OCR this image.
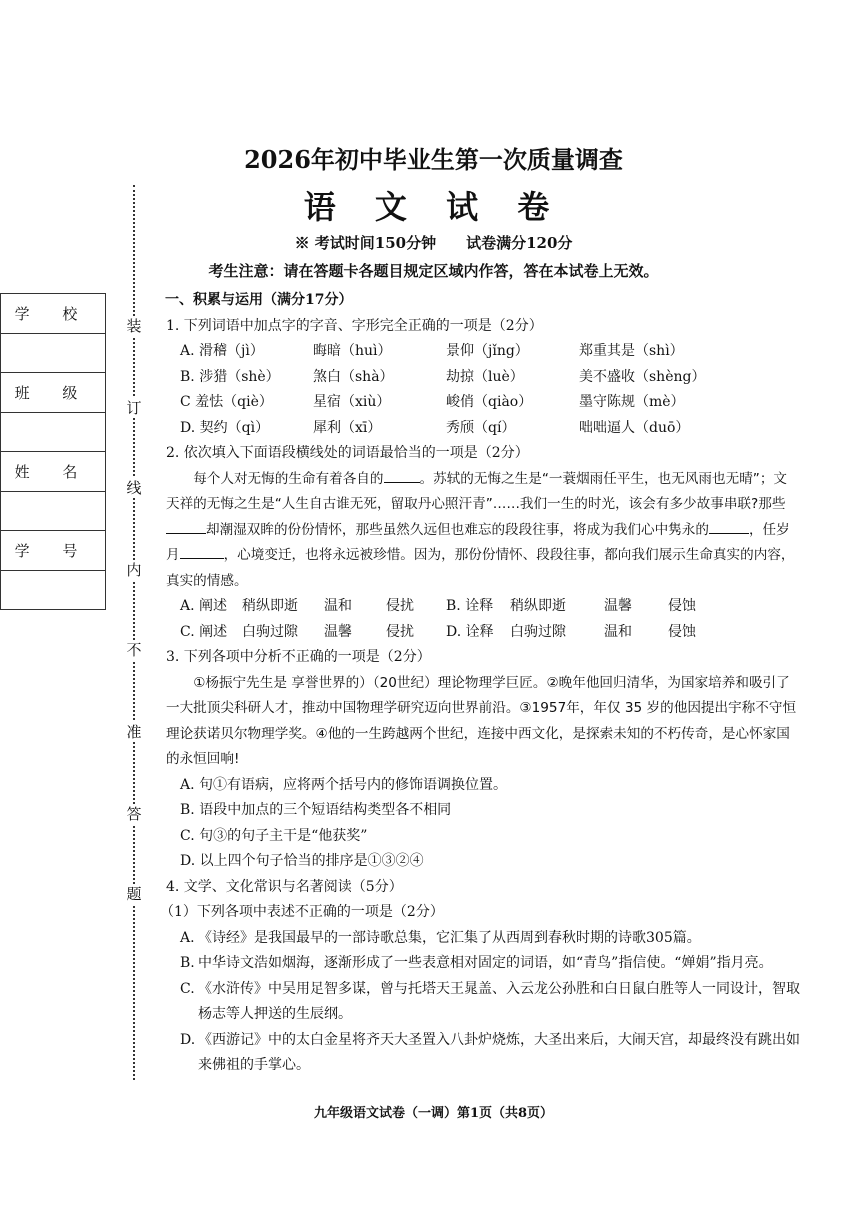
2026年初中毕业生第一次质量调查
语 文 试 卷
※ 考试时间150分钟　　试卷满分120分
考生注意：请在答题卡各题目规定区域内作答，答在本试卷上无效。
学 校

班 级

姓 名

学 号

装
订
线
内
不
准
答
题
一、积累与运用（满分17分）
1. 下列词语中加点字的字音、字形完全正确的一项是（2分）
A. 滑稽（jì）	晦暗（huì）	景仰（jǐng）	郑重其是（shì）
B. 涉猎（shè）	煞白（shà）	劫掠（luè）	美不盛收（shèng）
C 羞怯（qiè）	星宿（xiù）	峻俏（qiào）	墨守陈规（mè）
D. 契约（qì）	犀利（xī）	秀颀（qí）	咄咄逼人（duō）
2. 依次填入下面语段横线处的词语最恰当的一项是（2分）
每个人对无悔的生命有着各自的	。苏轼的无悔之生是“一蓑烟雨任平生，也无风雨也无晴”；文天祥的无悔之生是“人生自古谁无死，留取丹心照汗青”……我们一生的时光，该会有多少故事串联?那些却潮湿双眸的份份情怀，那些虽然久远但也难忘的段段往事，将成为我们心中隽永的	，任岁月	，心境变迁，也将永远被珍惜。因为，那份份情怀、段段往事，都向我们展示生命真实的内容，真实的情感。
A. 阐述	稍纵即逝	温和	侵扰	B. 诠释	稍纵即逝	温馨	侵蚀
C. 阐述	白驹过隙	温馨	侵扰	D. 诠释	白驹过隙	温和	侵蚀
3. 下列各项中分析不正确的一项是（2分）
①杨振宁先生是 享誉世界的）（20世纪）理论物理学巨匠。②晚年他回归清华，为国家培养和吸引了一大批顶尖科研人才，推动中国物理学研究迈向世界前沿。③1957年，年仅 35 岁的他因提出宇称不守恒理论获诺贝尔物理学奖。④他的一生跨越两个世纪，连接中西文化，是探索未知的不朽传奇，是心怀家国的永恒回响!
A. 句①有语病，应将两个括号内的修饰语调换位置。
B. 语段中加点的三个短语结构类型各不相同
C. 句③的句子主干是“他获奖”
D. 以上四个句子恰当的排序是①③②④
4. 文学、文化常识与名著阅读（5分）
（1）下列各项中表述不正确的一项是（2分）
A. 《诗经》是我国最早的一部诗歌总集，它汇集了从西周到春秋时期的诗歌305篇。
B. 中华诗文浩如烟海，逐渐形成了一些表意相对固定的词语，如“青鸟”指信使。“婵娟”指月亮。
C. 《水浒传》中吴用足智多谋，曾与托塔天王晁盖、入云龙公孙胜和白日鼠白胜等人一同设计，智取杨志等人押送的生辰纲。
D. 《西游记》中的太白金星将齐天大圣置入八卦炉烧炼，大圣出来后，大闹天宫，却最终没有跳出如来佛祖的手掌心。
九年级语文试卷（一调）第1页（共8页）
